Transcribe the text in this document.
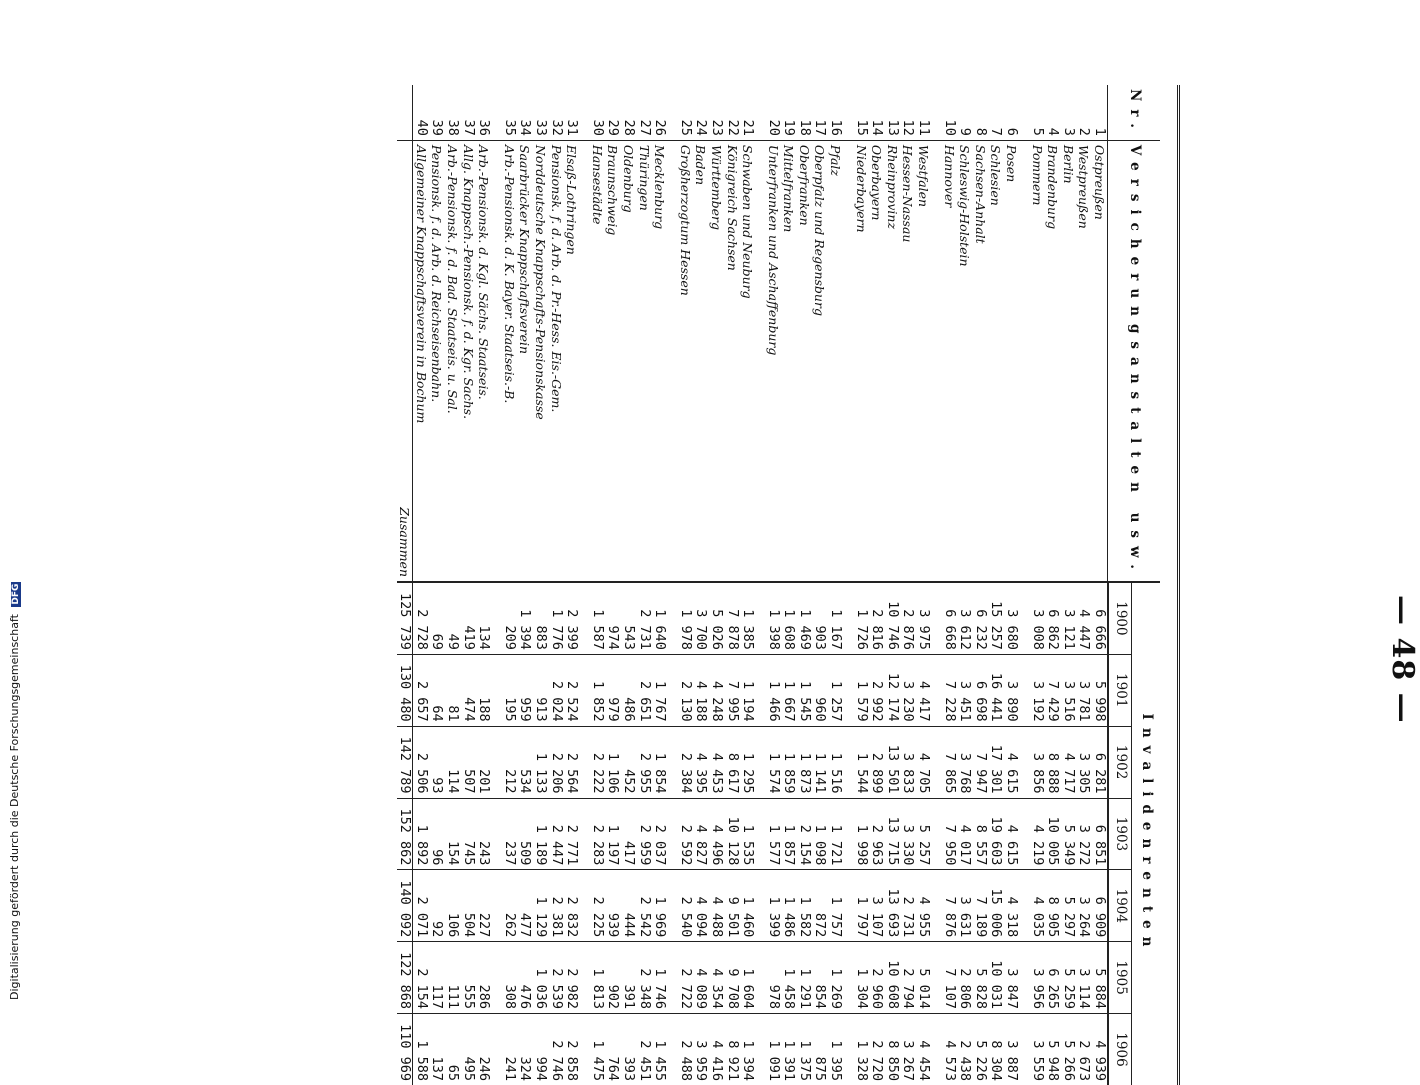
— 48 —
Nr.	Versicherungsanstalten usw.	Invalidenrenten						
		1900	1901	1902	1903	1904	1905	1906
1	Ostpreußen	6 666	5 998	6 281	6 851	6 909	5 884	4 939
2	Westpreußen	4 447	3 781	3 305	3 272	3 264	3 114	2 673
3	Berlin	3 121	3 516	4 717	5 349	5 297	5 259	5 266
4	Brandenburg	6 862	7 429	8 888	10 005	8 905	6 265	5 948
5	Pommern	3 008	3 192	3 856	4 219	4 035	3 956	3 559

6	Posen	3 680	3 890	4 615	4 615	4 318	3 847	3 887
7	Schlesien	15 257	16 441	17 301	19 603	15 006	10 031	8 304
8	Sachsen-Anhalt	6 232	6 698	7 947	8 557	7 189	5 828	5 226
9	Schleswig-Holstein	3 612	3 451	3 768	4 017	3 631	2 806	2 438
10	Hannover	6 668	7 228	7 865	7 950	7 876	7 107	4 573

11	Westfalen	3 975	4 417	4 705	5 257	4 955	5 014	4 454
12	Hessen-Nassau	2 876	3 230	3 833	3 330	2 731	2 794	3 267
13	Rheinprovinz	10 746	12 174	13 501	13 715	13 693	10 608	8 850
14	Oberbayern	2 816	2 992	2 899	2 963	3 107	2 960	2 720
15	Niederbayern	1 726	1 579	1 544	1 998	1 797	1 304	1 328

16	Pfalz	1 167	1 257	1 516	1 721	1 757	1 269	1 395
17	Oberpfalz und Regensburg	903	960	1 141	1 098	872	854	875
18	Oberfranken	1 469	1 545	1 873	2 154	1 582	1 291	1 375
19	Mittelfranken	1 608	1 667	1 859	1 857	1 486	1 458	1 391
20	Unterfranken und Aschaffenburg	1 398	1 466	1 574	1 577	1 399	978	1 091

21	Schwaben und Neuburg	1 385	1 194	1 295	1 535	1 460	1 604	1 394
22	Königreich Sachsen	7 878	7 995	8 617	10 128	9 501	9 708	8 921
23	Württemberg	5 026	4 248	4 453	4 496	4 488	4 354	4 416
24	Baden	3 700	4 188	4 395	4 827	4 094	4 089	3 959
25	Großherzogtum Hessen	1 978	2 130	2 384	2 592	2 540	2 722	2 488

26	Mecklenburg	1 640	1 767	1 854	2 037	1 969	1 746	1 455
27	Thüringen	2 731	2 651	2 955	2 959	2 542	2 348	2 451
28	Oldenburg	543	486	452	417	444	391	393
29	Braunschweig	974	979	1 106	1 197	939	902	764
30	Hansestädte	1 587	1 852	2 222	2 283	2 225	1 813	1 475

31	Elsaß-Lothringen	2 399	2 524	2 564	2 771	2 832	2 982	2 858
32	Pensionsk. f. d. Arb. d. Pr.-Hess. Eis.-Gem.	1 776	2 024	2 206	2 447	2 381	2 539	2 746
33	Norddeutsche Knappschafts-Pensionskasse	883	913	1 133	1 189	1 129	1 036	994
34	Saarbrücker Knappschaftsverein	1 394	959	534	509	477	476	324
35	Arb.-Pensionsk. d. K. Bayer. Staatseis.-B.	209	195	212	237	262	308	241

36	Arb.-Pensionsk. d. Kgl. Sächs. Staatseis.	134	188	201	243	227	286	246
37	Allg. Knappsch.-Pensionsk. f. d. Kgr. Sachs.	419	474	507	745	504	555	495
38	Arb.-Pensionsk. f. d. Bad. Staatseis. u. Sal.	49	81	114	154	106	111	65
39	Pensionsk. f. d. Arb. d. Reichseisenbahn.	69	64	93	96	92	117	137
40	Allgemeiner Knappschaftsverein in Bochum	2 728	2 657	2 506	1 892	2 071	2 154	1 588
	Zusammen	125 739	130 480	142 789	152 862	140 092	122 868	110 969
Digitalisierung gefördert durch die Deutsche Forschungsgemeinschaft DFG
